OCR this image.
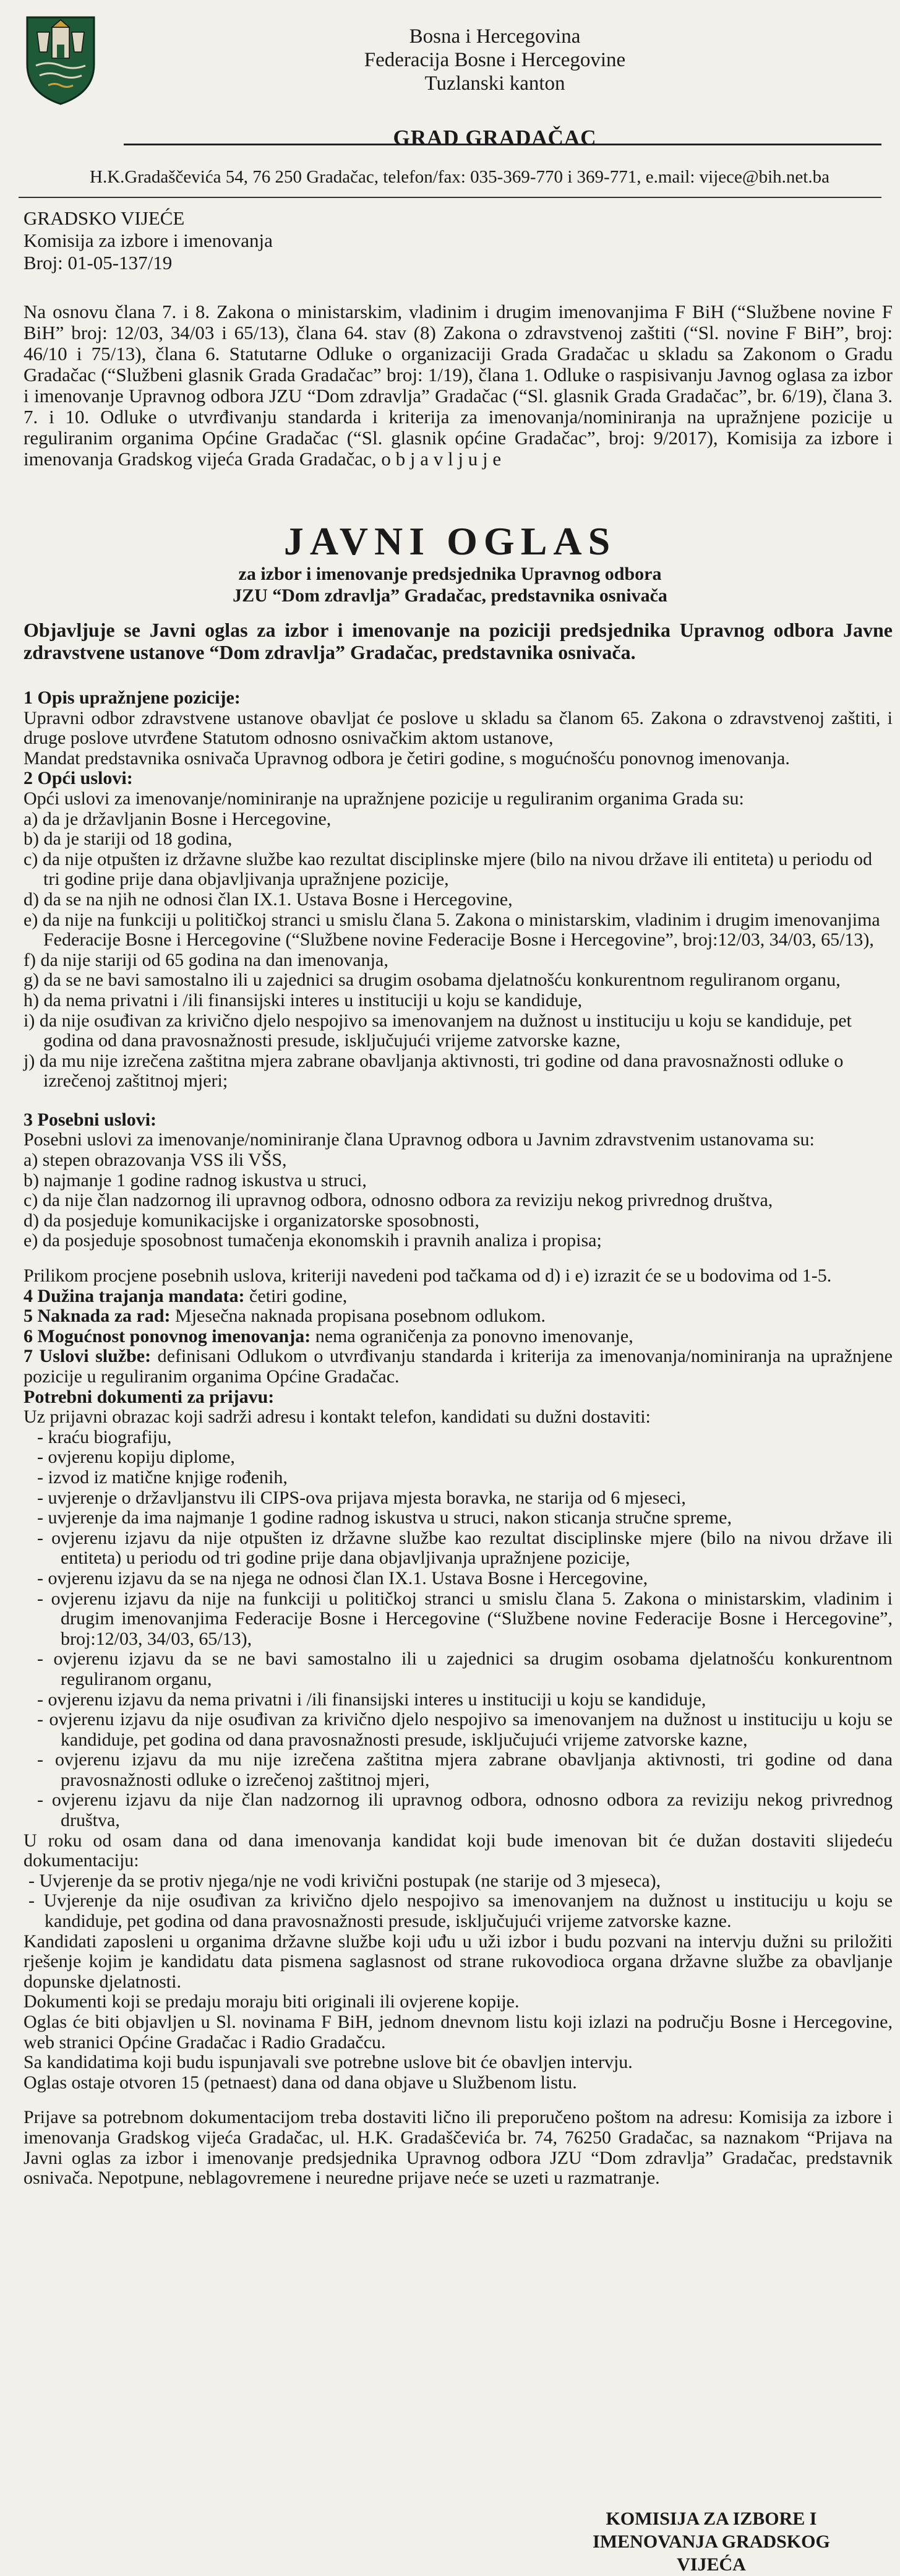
Bosna i Hercegovina
Federacija Bosne i Hercegovine
Tuzlanski kanton
GRAD GRADAČAC
H.K.Gradaščevića 54, 76 250 Gradačac, telefon/fax: 035-369-770 i 369-771, e.mail: vijece@bih.net.ba
GRADSKO VIJEĆE
Komisija za izbore i imenovanja
Broj: 01-05-137/19
Na osnovu člana 7. i 8. Zakona o ministarskim, vladinim i drugim imenovanjima F BiH (“Službene novine F BiH” broj: 12/03, 34/03 i 65/13), člana 64. stav (8) Zakona o zdravstvenoj zaštiti (“Sl. novine F BiH”, broj: 46/10 i 75/13), člana 6. Statutarne Odluke o organizaciji Grada Gradačac u skladu sa Zakonom o Gradu Gradačac (“Službeni glasnik Grada Gradačac” broj: 1/19), člana 1. Odluke o raspisivanju Javnog oglasa za izbor i imenovanje Upravnog odbora JZU “Dom zdravlja” Gradačac (“Sl. glasnik Grada Gradačac”, br. 6/19), člana 3. 7. i 10. Odluke o utvrđivanju standarda i kriterija za imenovanja/nominiranja na upražnjene pozicije u reguliranim organima Općine Gradačac (“Sl. glasnik općine Gradačac”, broj: 9/2017), Komisija za izbore i imenovanja Gradskog vijeća Grada Gradačac, o b j a v l j u j e
JAVNI OGLAS
za izbor i imenovanje predsjednika Upravnog odbora
JZU “Dom zdravlja” Gradačac, predstavnika osnivača
Objavljuje se Javni oglas za izbor i imenovanje na poziciji predsjednika Upravnog odbora Javne zdravstvene ustanove “Dom zdravlja” Gradačac, predstavnika osnivača.

1 Opis upražnjene pozicije:

Upravni odbor zdravstvene ustanove obavljat će poslove u skladu sa članom 65. Zakona o zdravstvenoj zaštiti, i druge poslove utvrđene Statutom odnosno osnivačkim aktom ustanove,

Mandat predstavnika osnivača Upravnog odbora je četiri godine, s mogućnošću ponovnog imenovanja.

2 Opći uslovi:

Opći uslovi za imenovanje/nominiranje na upražnjene pozicije u reguliranim organima Grada su:

a) da je državljanin Bosne i Hercegovine,

b) da je stariji od 18 godina,

c) da nije otpušten iz državne službe kao rezultat disciplinske mjere (bilo na nivou države ili entiteta) u periodu od tri godine prije dana objavljivanja upražnjene pozicije,

d) da se na njih ne odnosi član IX.1. Ustava Bosne i Hercegovine,

e) da nije na funkciji u političkoj stranci u smislu člana 5. Zakona o ministarskim, vladinim i drugim imenovanjima Federacije Bosne i Hercegovine (“Službene novine Federacije Bosne i Hercegovine”, broj:12/03, 34/03, 65/13),

f) da nije stariji od 65 godina na dan imenovanja,

g) da se ne bavi samostalno ili u zajednici sa drugim osobama djelatnošću konkurentnom reguliranom organu,

h) da nema privatni i /ili finansijski interes u instituciji u koju se kandiduje,

i) da nije osuđivan za krivično djelo nespojivo sa imenovanjem na dužnost u instituciju u koju se kandiduje, pet godina od dana pravosnažnosti presude, isključujući vrijeme zatvorske kazne,

j) da mu nije izrečena zaštitna mjera zabrane obavljanja aktivnosti, tri godine od dana pravosnažnosti odluke o izrečenoj zaštitnoj mjeri;

3 Posebni uslovi:

Posebni uslovi za imenovanje/nominiranje člana Upravnog odbora u Javnim zdravstvenim ustanovama su:

a) stepen obrazovanja VSS ili VŠS,

b) najmanje 1 godine radnog iskustva u struci,

c) da nije član nadzornog ili upravnog odbora, odnosno odbora za reviziju nekog privrednog društva,

d) da posjeduje komunikacijske i organizatorske sposobnosti,

e) da posjeduje sposobnost tumačenja ekonomskih i pravnih analiza i propisa;

Prilikom procjene posebnih uslova, kriteriji navedeni pod tačkama od d) i e) izrazit će se u bodovima od 1-5.

4 Dužina trajanja mandata: četiri godine,

5 Naknada za rad: Mjesečna naknada propisana posebnom odlukom.

6 Mogućnost ponovnog imenovanja: nema ograničenja za ponovno imenovanje,

7 Uslovi službe: definisani Odlukom o utvrđivanju standarda i kriterija za imenovanja/nominiranja na upražnjene pozicije u reguliranim organima Općine Gradačac.

Potrebni dokumenti za prijavu:

Uz prijavni obrazac koji sadrži adresu i kontakt telefon, kandidati su dužni dostaviti:

- kraću biografiju,

- ovjerenu kopiju diplome,

- izvod iz matične knjige rođenih,

- uvjerenje o državljanstvu ili CIPS-ova prijava mjesta boravka, ne starija od 6 mjeseci,

- uvjerenje da ima najmanje 1 godine radnog iskustva u struci, nakon sticanja stručne spreme,

- ovjerenu izjavu da nije otpušten iz državne službe kao rezultat disciplinske mjere (bilo na nivou države ili entiteta) u periodu od tri godine prije dana objavljivanja upražnjene pozicije,

- ovjerenu izjavu da se na njega ne odnosi član IX.1. Ustava Bosne i Hercegovine,

- ovjerenu izjavu da nije na funkciji u političkoj stranci u smislu člana 5. Zakona o ministarskim, vladinim i drugim imenovanjima Federacije Bosne i Hercegovine (“Službene novine Federacije Bosne i Hercegovine”, broj:12/03, 34/03, 65/13),

- ovjerenu izjavu da se ne bavi samostalno ili u zajednici sa drugim osobama djelatnošću konkurentnom reguliranom organu,

- ovjerenu izjavu da nema privatni i /ili finansijski interes u instituciji u koju se kandiduje,

- ovjerenu izjavu da nije osuđivan za krivično djelo nespojivo sa imenovanjem na dužnost u instituciju u koju se kandiduje, pet godina od dana pravosnažnosti presude, isključujući vrijeme zatvorske kazne,

- ovjerenu izjavu da mu nije izrečena zaštitna mjera zabrane obavljanja aktivnosti, tri godine od dana pravosnažnosti odluke o izrečenoj zaštitnoj mjeri,

- ovjerenu izjavu da nije član nadzornog ili upravnog odbora, odnosno odbora za reviziju nekog privrednog društva,

U roku od osam dana od dana imenovanja kandidat koji bude imenovan bit će dužan dostaviti slijedeću dokumentaciju:

- Uvjerenje da se protiv njega/nje ne vodi krivični postupak (ne starije od 3 mjeseca),

- Uvjerenje da nije osuđivan za krivično djelo nespojivo sa imenovanjem na dužnost u instituciju u koju se kandiduje, pet godina od dana pravosnažnosti presude, isključujući vrijeme zatvorske kazne.

Kandidati zaposleni u organima državne službe koji uđu u uži izbor i budu pozvani na intervju dužni su priložiti rješenje kojim je kandidatu data pismena saglasnost od strane rukovodioca organa državne službe za obavljanje dopunske djelatnosti.

Dokumenti koji se predaju moraju biti originali ili ovjerene kopije.

Oglas će biti objavljen u Sl. novinama F BiH, jednom dnevnom listu koji izlazi na području Bosne i Hercegovine, web stranici Općine Gradačac i Radio Gradačcu.

Sa kandidatima koji budu ispunjavali sve potrebne uslove bit će obavljen intervju.

Oglas ostaje otvoren 15 (petnaest) dana od dana objave u Službenom listu.

Prijave sa potrebnom dokumentacijom treba dostaviti lično ili preporučeno poštom na adresu: Komisija za izbore i imenovanja Gradskog vijeća Gradačac, ul. H.K. Gradaščevića br. 74, 76250 Gradačac, sa naznakom “Prijava na Javni oglas za izbor i imenovanje predsjednika Upravnog odbora JZU “Dom zdravlja” Gradačac, predstavnik osnivača. Nepotpune, neblagovremene i neuredne prijave neće se uzeti u razmatranje.

KOMISIJA ZA IZBORE I
IMENOVANJA GRADSKOG VIJEĆA
